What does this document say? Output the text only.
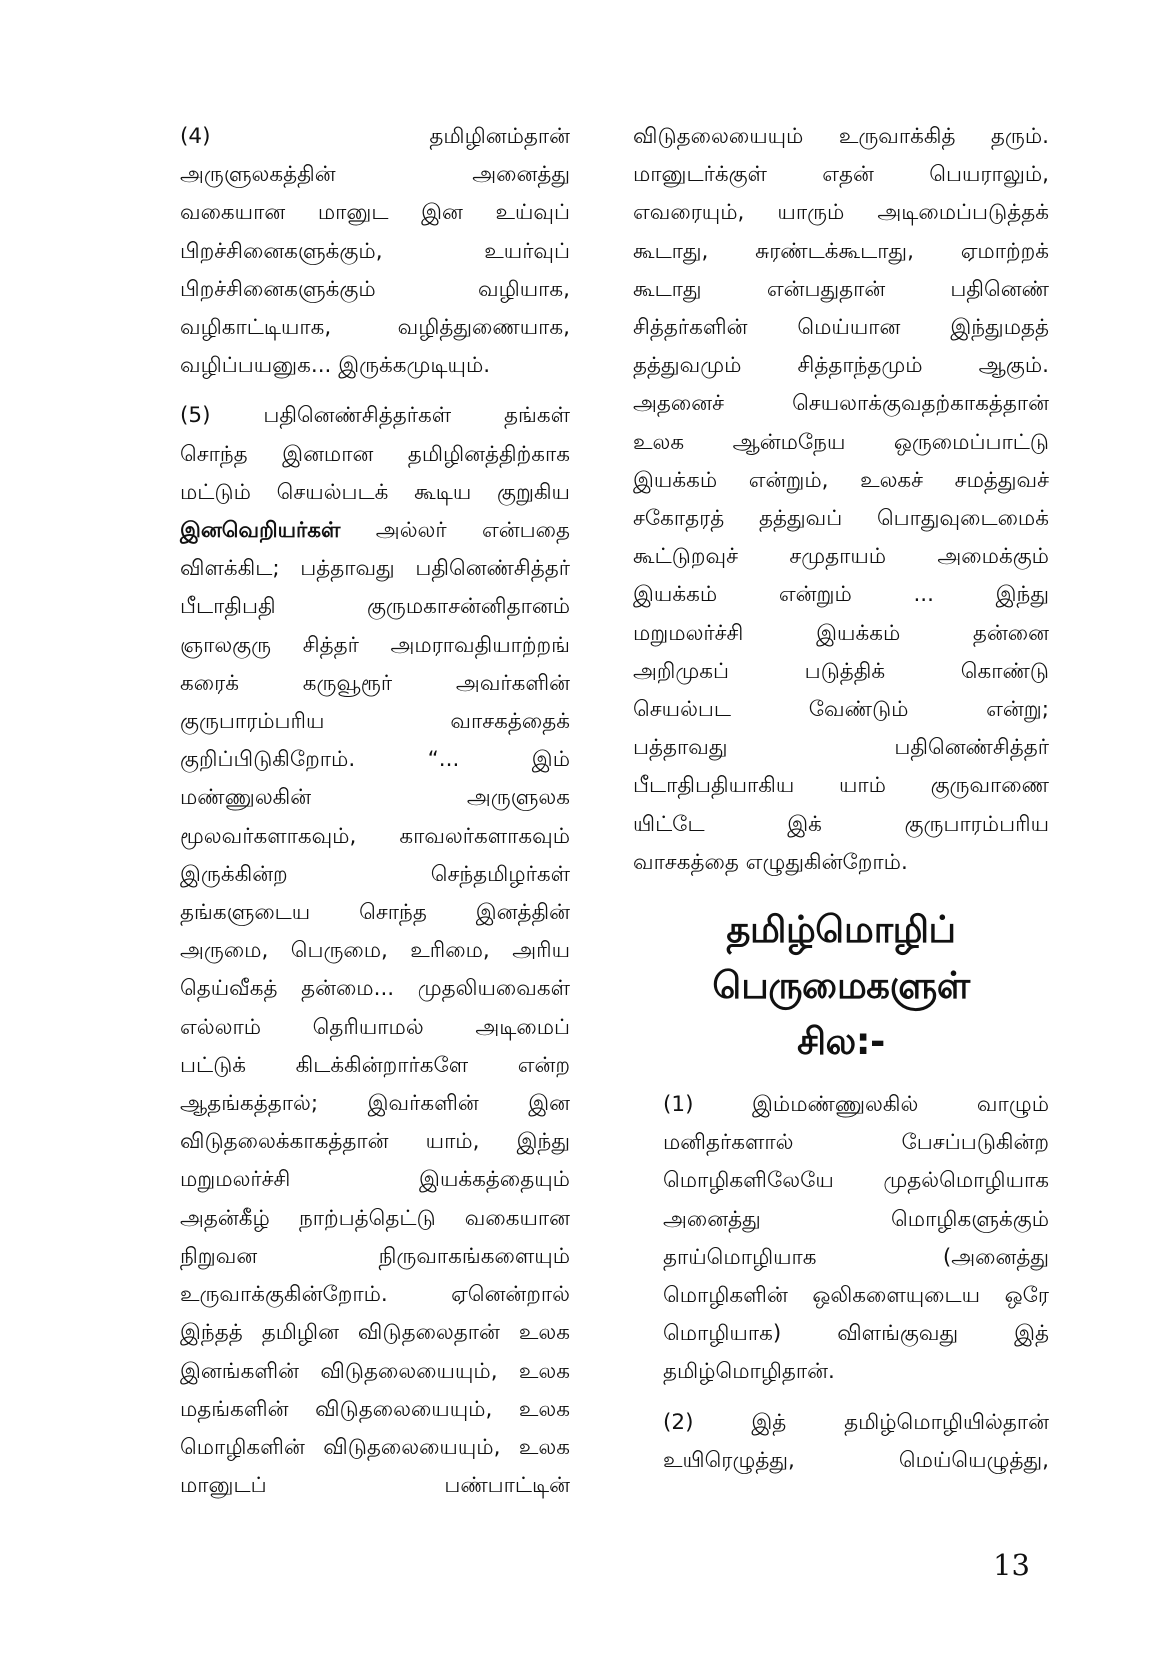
(4) தமிழினம்தான்
அருளுலகத்தின் அனைத்து
வகையான மானுட இன உய்வுப்
பிறச்சினைகளுக்கும், உயர்வுப்
பிறச்சினைகளுக்கும் வழியாக,
வழிகாட்டியாக, வழித்துணையாக,
வழிப்பயனுக... இருக்கமுடியும்.
(5) பதினெண்சித்தர்கள் தங்கள்
சொந்த இனமான தமிழினத்திற்காக
மட்டும் செயல்படக் கூடிய குறுகிய
இனவெறியர்கள் அல்லர் என்பதை
விளக்கிட; பத்தாவது பதினெண்சித்தர்
பீடாதிபதி குருமகாசன்னிதானம்
ஞாலகுரு சித்தர் அமராவதியாற்றங்
கரைக் கருவூரூர் அவர்களின்
குருபாரம்பரிய வாசகத்தைக்
குறிப்பிடுகிறோம். “... இம்
மண்ணுலகின் அருளுலக
மூலவர்களாகவும், காவலர்களாகவும்
இருக்கின்ற செந்தமிழர்கள்
தங்களுடைய சொந்த இனத்தின்
அருமை, பெருமை, உரிமை, அரிய
தெய்வீகத் தன்மை... முதலியவைகள்
எல்லாம் தெரியாமல் அடிமைப்
பட்டுக் கிடக்கின்றார்களே என்ற
ஆதங்கத்தால்; இவர்களின் இன
விடுதலைக்காகத்தான் யாம், இந்து
மறுமலர்ச்சி இயக்கத்தையும்
அதன்கீழ் நாற்பத்தெட்டு வகையான
நிறுவன நிருவாகங்களையும்
உருவாக்குகின்றோம். ஏனென்றால்
இந்தத் தமிழின விடுதலைதான் உலக
இனங்களின் விடுதலையையும், உலக
மதங்களின் விடுதலையையும், உலக
மொழிகளின் விடுதலையையும், உலக
மானுடப் பண்பாட்டின்
விடுதலையையும் உருவாக்கித் தரும்.
மானுடர்க்குள் எதன் பெயராலும்,
எவரையும், யாரும் அடிமைப்படுத்தக்
கூடாது, சுரண்டக்கூடாது, ஏமாற்றக்
கூடாது என்பதுதான் பதினெண்
சித்தர்களின் மெய்யான இந்துமதத்
தத்துவமும் சித்தாந்தமும் ஆகும்.
அதனைச் செயலாக்குவதற்காகத்தான்
உலக ஆன்மநேய ஒருமைப்பாட்டு
இயக்கம் என்றும், உலகச் சமத்துவச்
சகோதரத் தத்துவப் பொதுவுடைமைக்
கூட்டுறவுச் சமுதாயம் அமைக்கும்
இயக்கம் என்றும் ... இந்து
மறுமலர்ச்சி இயக்கம் தன்னை
அறிமுகப் படுத்திக் கொண்டு
செயல்பட வேண்டும் என்று;
பத்தாவது பதினெண்சித்தர்
பீடாதிபதியாகிய யாம் குருவாணை
யிட்டே இக் குருபாரம்பரிய
வாசகத்தை எழுதுகின்றோம்.
தமிழ்மொழிப்
பெருமைகளுள்
சில:-
(1) இம்மண்ணுலகில் வாழும்
மனிதர்களால் பேசப்படுகின்ற
மொழிகளிலேயே முதல்மொழியாக
அனைத்து மொழிகளுக்கும்
தாய்மொழியாக (அனைத்து
மொழிகளின் ஒலிகளையுடைய ஒரே
மொழியாக) விளங்குவது இத்
தமிழ்மொழிதான்.
(2) இத் தமிழ்மொழியில்தான்
உயிரெழுத்து, மெய்யெழுத்து,
13
